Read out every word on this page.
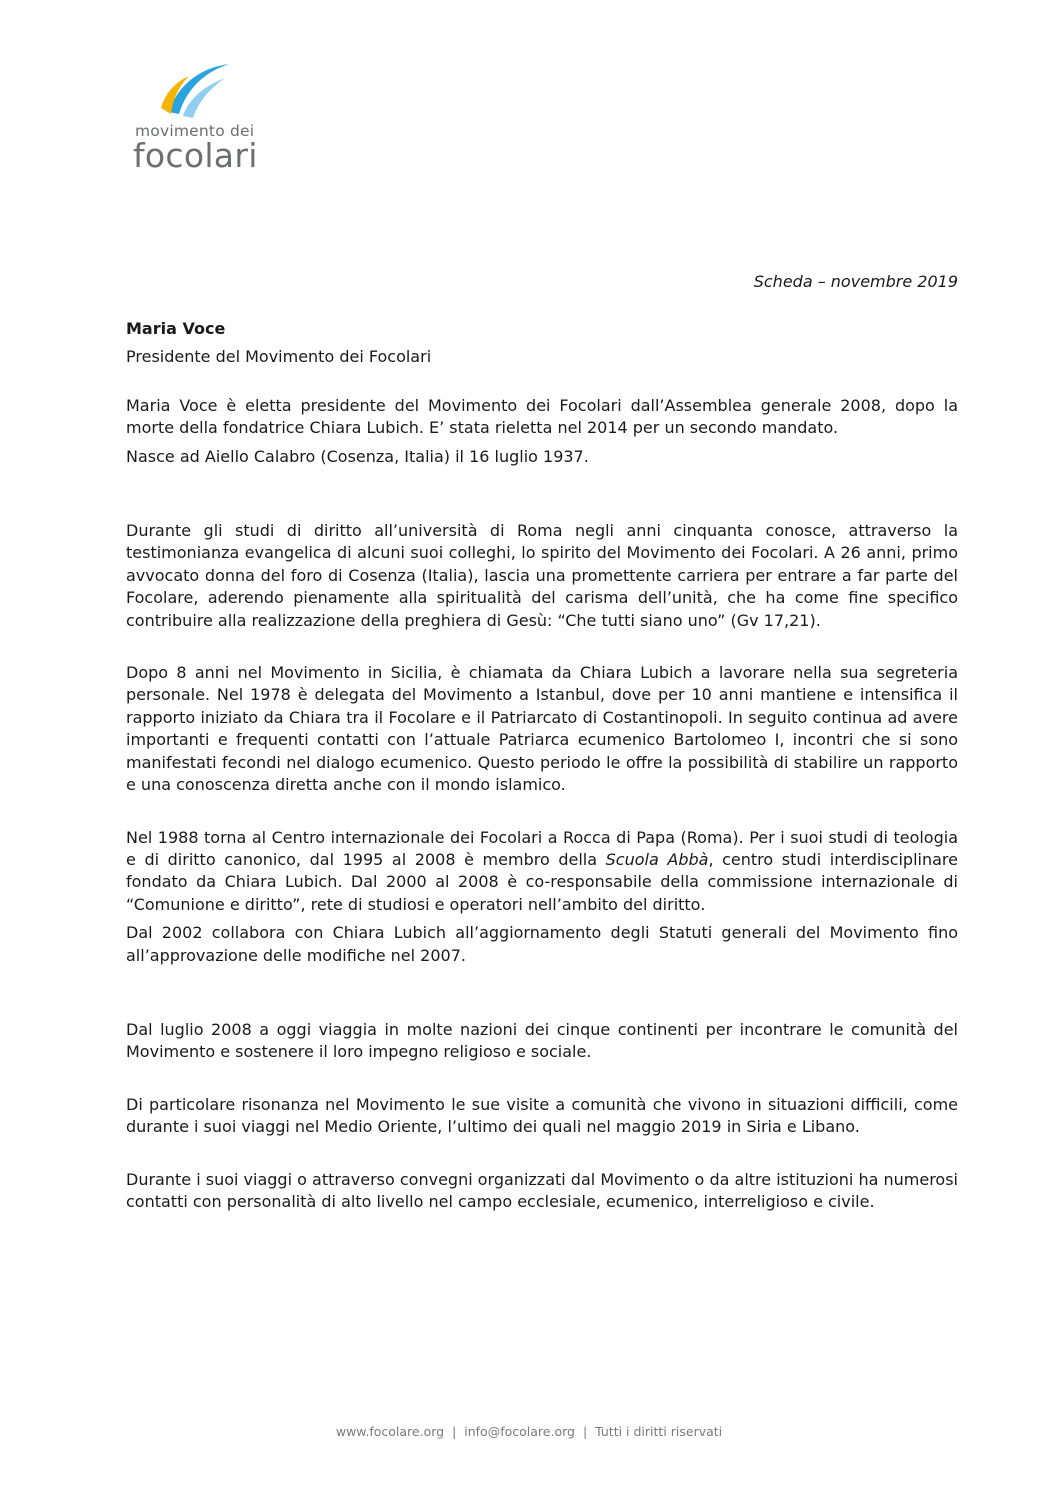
movimento dei
focolari
Scheda – novembre 2019

Maria Voce

Presidente del Movimento dei Focolari

Maria Voce è eletta presidente del Movimento dei Focolari dall’Assemblea generale 2008, dopo la morte della fondatrice Chiara Lubich. E’ stata rieletta nel 2014 per un secondo mandato.

Nasce ad Aiello Calabro (Cosenza, Italia) il 16 luglio 1937.

Durante gli studi di diritto all’università di Roma negli anni cinquanta conosce, attraverso la testimonianza evangelica di alcuni suoi colleghi, lo spirito del Movimento dei Focolari. A 26 anni, primo avvocato donna del foro di Cosenza (Italia), lascia una promettente carriera per entrare a far parte del Focolare, aderendo pienamente alla spiritualità del carisma dell’unità, che ha come fine specifico contribuire alla realizzazione della preghiera di Gesù: “Che tutti siano uno” (Gv 17,21).

Dopo 8 anni nel Movimento in Sicilia, è chiamata da Chiara Lubich a lavorare nella sua segreteria personale. Nel 1978 è delegata del Movimento a Istanbul, dove per 10 anni mantiene e intensifica il rapporto iniziato da Chiara tra il Focolare e il Patriarcato di Costantinopoli. In seguito continua ad avere importanti e frequenti contatti con l’attuale Patriarca ecumenico Bartolomeo I, incontri che si sono manifestati fecondi nel dialogo ecumenico. Questo periodo le offre la possibilità di stabilire un rapporto e una conoscenza diretta anche con il mondo islamico.

Nel 1988 torna al Centro internazionale dei Focolari a Rocca di Papa (Roma). Per i suoi studi di teologia e di diritto canonico, dal 1995 al 2008 è membro della Scuola Abbà, centro studi interdisciplinare fondato da Chiara Lubich. Dal 2000 al 2008 è co-responsabile della commissione internazionale di “Comunione e diritto”, rete di studiosi e operatori nell’ambito del diritto.

Dal 2002 collabora con Chiara Lubich all’aggiornamento degli Statuti generali del Movimento fino all’approvazione delle modifiche nel 2007.

Dal luglio 2008 a oggi viaggia in molte nazioni dei cinque continenti per incontrare le comunità del Movimento e sostenere il loro impegno religioso e sociale.

Di particolare risonanza nel Movimento le sue visite a comunità che vivono in situazioni difficili, come durante i suoi viaggi nel Medio Oriente, l’ultimo dei quali nel maggio 2019 in Siria e Libano.

Durante i suoi viaggi o attraverso convegni organizzati dal Movimento o da altre istituzioni ha numerosi contatti con personalità di alto livello nel campo ecclesiale, ecumenico, interreligioso e civile.

www.focolare.org | info@focolare.org | Tutti i diritti riservati
